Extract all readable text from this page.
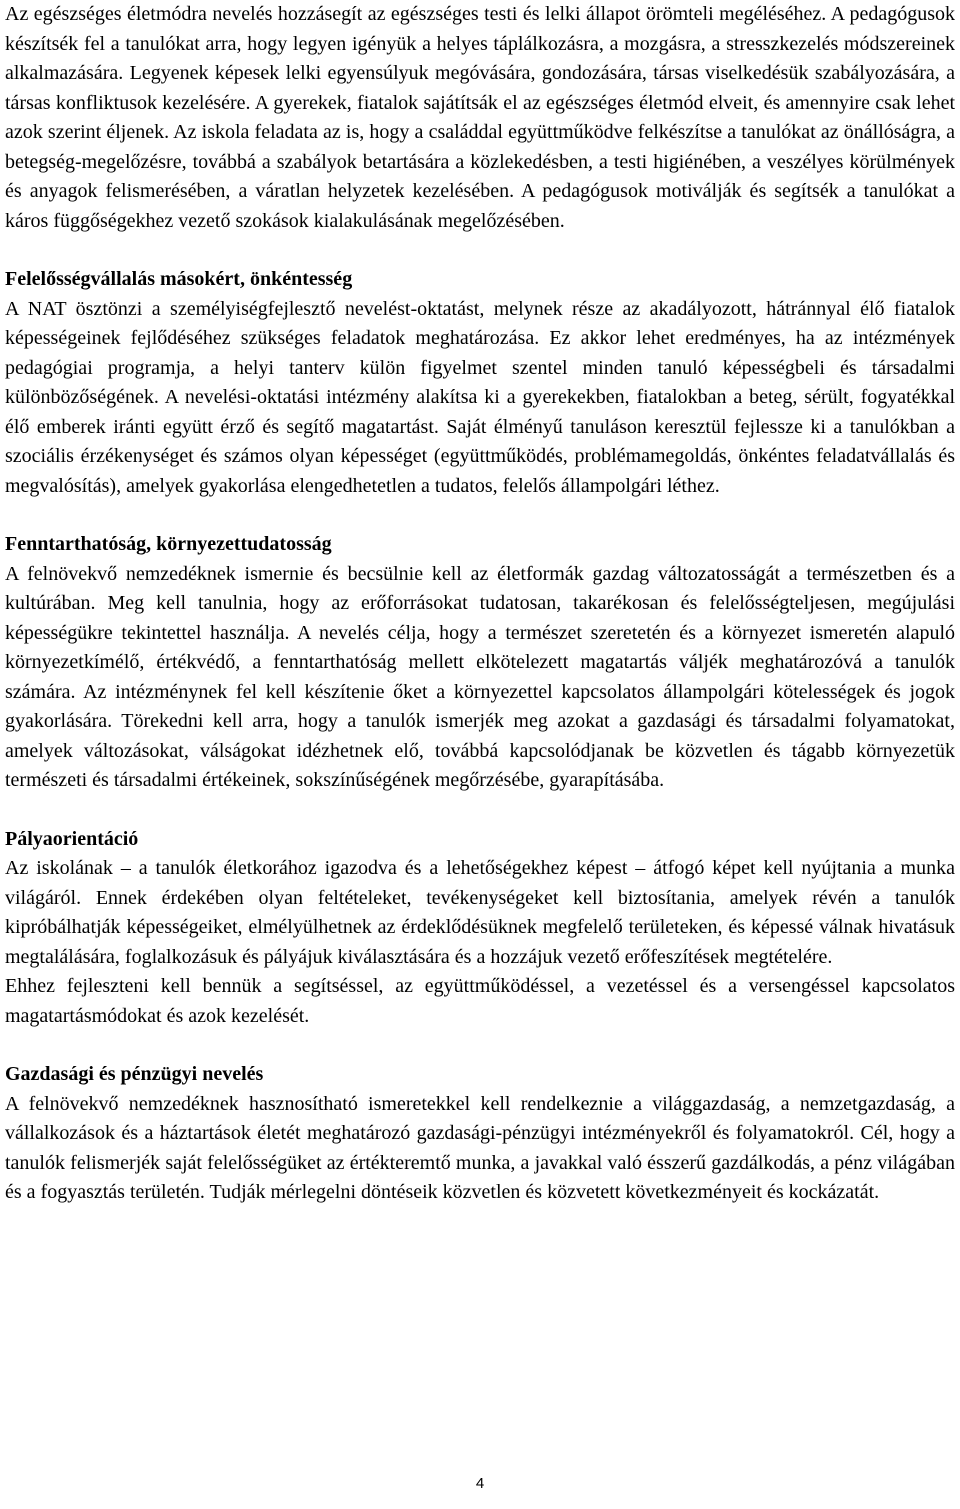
Az egészséges életmódra nevelés hozzásegít az egészséges testi és lelki állapot örömteli megéléséhez. A pedagógusok készítsék fel a tanulókat arra, hogy legyen igényük a helyes táplálkozásra, a mozgásra, a stresszkezelés módszereinek alkalmazására. Legyenek képesek lelki egyensúlyuk megóvására, gondozására, társas viselkedésük szabályozására, a társas konfliktusok kezelésére. A gyerekek, fiatalok sajátítsák el az egészséges életmód elveit, és amennyire csak lehet azok szerint éljenek. Az iskola feladata az is, hogy a családdal együttműködve felkészítse a tanulókat az önállóságra, a betegség-megelőzésre, továbbá a szabályok betartására a közlekedésben, a testi higiénében, a veszélyes körülmények és anyagok felismerésében, a váratlan helyzetek kezelésében. A pedagógusok motiválják és segítsék a tanulókat a káros függőségekhez vezető szokások kialakulásának megelőzésében.

Felelősségvállalás másokért, önkéntesség

A NAT ösztönzi a személyiségfejlesztő nevelést-oktatást, melynek része az akadályozott, hátránnyal élő fiatalok képességeinek fejlődéséhez szükséges feladatok meghatározása. Ez akkor lehet eredményes, ha az intézmények pedagógiai programja, a helyi tanterv külön figyelmet szentel minden tanuló képességbeli és társadalmi különbözőségének. A nevelési-oktatási intézmény alakítsa ki a gyerekekben, fiatalokban a beteg, sérült, fogyatékkal élő emberek iránti együtt érző és segítő magatartást. Saját élményű tanuláson keresztül fejlessze ki a tanulókban a szociális érzékenységet és számos olyan képességet (együttműködés, problémamegoldás, önkéntes feladatvállalás és megvalósítás), amelyek gyakorlása elengedhetetlen a tudatos, felelős állampolgári léthez.

Fenntarthatóság, környezettudatosság

A felnövekvő nemzedéknek ismernie és becsülnie kell az életformák gazdag változatosságát a természetben és a kultúrában. Meg kell tanulnia, hogy az erőforrásokat tudatosan, takarékosan és felelősségteljesen, megújulási képességükre tekintettel használja. A nevelés célja, hogy a természet szeretetén és a környezet ismeretén alapuló környezetkímélő, értékvédő, a fenntarthatóság mellett elkötelezett magatartás váljék meghatározóvá a tanulók számára. Az intézménynek fel kell készítenie őket a környezettel kapcsolatos állampolgári kötelességek és jogok gyakorlására. Törekedni kell arra, hogy a tanulók ismerjék meg azokat a gazdasági és társadalmi folyamatokat, amelyek változásokat, válságokat idézhetnek elő, továbbá kapcsolódjanak be közvetlen és tágabb környezetük természeti és társadalmi értékeinek, sokszínűségének megőrzésébe, gyarapításába.

Pályaorientáció

Az iskolának – a tanulók életkorához igazodva és a lehetőségekhez képest – átfogó képet kell nyújtania a munka világáról. Ennek érdekében olyan feltételeket, tevékenységeket kell biztosítania, amelyek révén a tanulók kipróbálhatják képességeiket, elmélyülhetnek az érdeklődésüknek megfelelő területeken, és képessé válnak hivatásuk megtalálására, foglalkozásuk és pályájuk kiválasztására és a hozzájuk vezető erőfeszítések megtételére.

Ehhez fejleszteni kell bennük a segítséssel, az együttműködéssel, a vezetéssel és a versengéssel kapcsolatos magatartásmódokat és azok kezelését.

Gazdasági és pénzügyi nevelés

A felnövekvő nemzedéknek hasznosítható ismeretekkel kell rendelkeznie a világgazdaság, a nemzetgazdaság, a vállalkozások és a háztartások életét meghatározó gazdasági-pénzügyi intézményekről és folyamatokról. Cél, hogy a tanulók felismerjék saját felelősségüket az értékteremtő munka, a javakkal való ésszerű gazdálkodás, a pénz világában és a fogyasztás területén. Tudják mérlegelni döntéseik közvetlen és közvetett következményeit és kockázatát.

4
